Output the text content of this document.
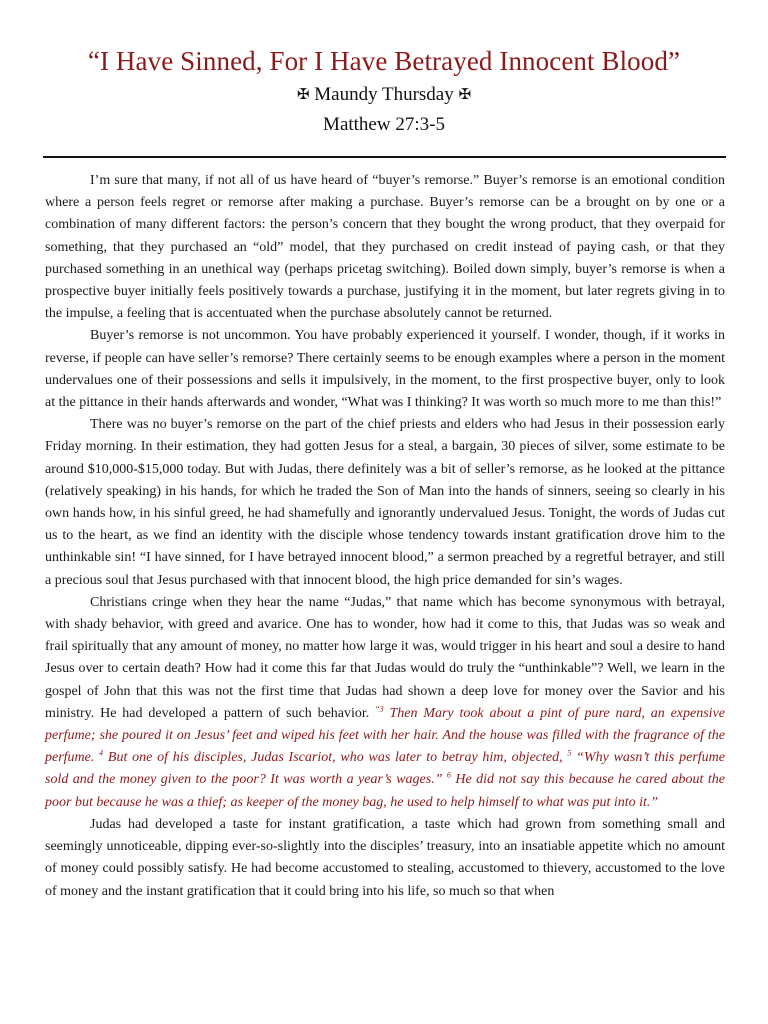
“I Have Sinned, For I Have Betrayed Innocent Blood”
✠ Maundy Thursday ✠
Matthew 27:3-5

I’m sure that many, if not all of us have heard of “buyer’s remorse.” Buyer’s remorse is an emotional condition where a person feels regret or remorse after making a purchase. Buyer’s remorse can be a brought on by one or a combination of many different factors: the person’s concern that they bought the wrong product, that they overpaid for something, that they purchased an “old” model, that they purchased on credit instead of paying cash, or that they purchased something in an unethical way (perhaps pricetag switching). Boiled down simply, buyer’s remorse is when a prospective buyer initially feels positively towards a purchase, justifying it in the moment, but later regrets giving in to the impulse, a feeling that is accentuated when the purchase absolutely cannot be returned.

Buyer’s remorse is not uncommon. You have probably experienced it yourself. I wonder, though, if it works in reverse, if people can have seller’s remorse? There certainly seems to be enough examples where a person in the moment undervalues one of their possessions and sells it impulsively, in the moment, to the first prospective buyer, only to look at the pittance in their hands afterwards and wonder, “What was I thinking? It was worth so much more to me than this!”

There was no buyer’s remorse on the part of the chief priests and elders who had Jesus in their possession early Friday morning. In their estimation, they had gotten Jesus for a steal, a bargain, 30 pieces of silver, some estimate to be around $10,000-$15,000 today. But with Judas, there definitely was a bit of seller’s remorse, as he looked at the pittance (relatively speaking) in his hands, for which he traded the Son of Man into the hands of sinners, seeing so clearly in his own hands how, in his sinful greed, he had shamefully and ignorantly undervalued Jesus. Tonight, the words of Judas cut us to the heart, as we find an identity with the disciple whose tendency towards instant gratification drove him to the unthinkable sin! “I have sinned, for I have betrayed innocent blood,” a sermon preached by a regretful betrayer, and still a precious soul that Jesus purchased with that innocent blood, the high price demanded for sin’s wages.

Christians cringe when they hear the name “Judas,” that name which has become synonymous with betrayal, with shady behavior, with greed and avarice. One has to wonder, how had it come to this, that Judas was so weak and frail spiritually that any amount of money, no matter how large it was, would trigger in his heart and soul a desire to hand Jesus over to certain death? How had it come this far that Judas would do truly the “unthinkable”? Well, we learn in the gospel of John that this was not the first time that Judas had shown a deep love for money over the Savior and his ministry. He had developed a pattern of such behavior. $^{“3}$ Then Mary took about a pint of pure nard, an expensive perfume; she poured it on Jesus’ feet and wiped his feet with her hair. And the house was filled with the fragrance of the perfume. $^4$ But one of his disciples, Judas Iscariot, who was later to betray him, objected, $^5$ “Why wasn’t this perfume sold and the money given to the poor? It was worth a year’s wages.” $^6$ He did not say this because he cared about the poor but because he was a thief; as keeper of the money bag, he used to help himself to what was put into it.”

Judas had developed a taste for instant gratification, a taste which had grown from something small and seemingly unnoticeable, dipping ever-so-slightly into the disciples’ treasury, into an insatiable appetite which no amount of money could possibly satisfy. He had become accustomed to stealing, accustomed to thievery, accustomed to the love of money and the instant gratification that it could bring into his life, so much so that when
